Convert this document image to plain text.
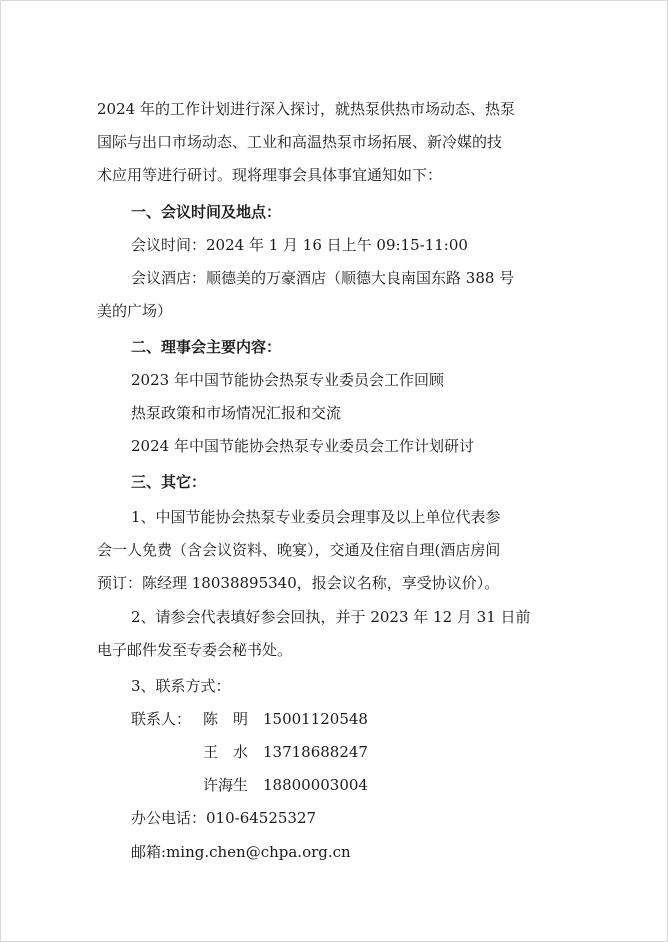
2024 年的工作计划进行深入探讨，就热泵供热市场动态、热泵
国际与出口市场动态、工业和高温热泵市场拓展、新冷媒的技
术应用等进行研讨。现将理事会具体事宜通知如下：
一、会议时间及地点：
会议时间：2024 年 1 月 16 日上午 09:15-11:00
会议酒店：顺德美的万豪酒店（顺德大良南国东路 388 号
美的广场）
二、理事会主要内容：
2023 年中国节能协会热泵专业委员会工作回顾
热泵政策和市场情况汇报和交流
2024 年中国节能协会热泵专业委员会工作计划研讨
三、其它：
1、中国节能协会热泵专业委员会理事及以上单位代表参
会一人免费（含会议资料、晚宴），交通及住宿自理(酒店房间
预订：陈经理 18038895340，报会议名称，享受协议价）。
2、请参会代表填好参会回执，并于 2023 年 12 月 31 日前
电子邮件发至专委会秘书处。
3、联系方式：
联系人： 陈　明 15001120548
王　水 13718688247
许海生 18800003004
办公电话：010-64525327
邮箱:ming.chen@chpa.org.cn
